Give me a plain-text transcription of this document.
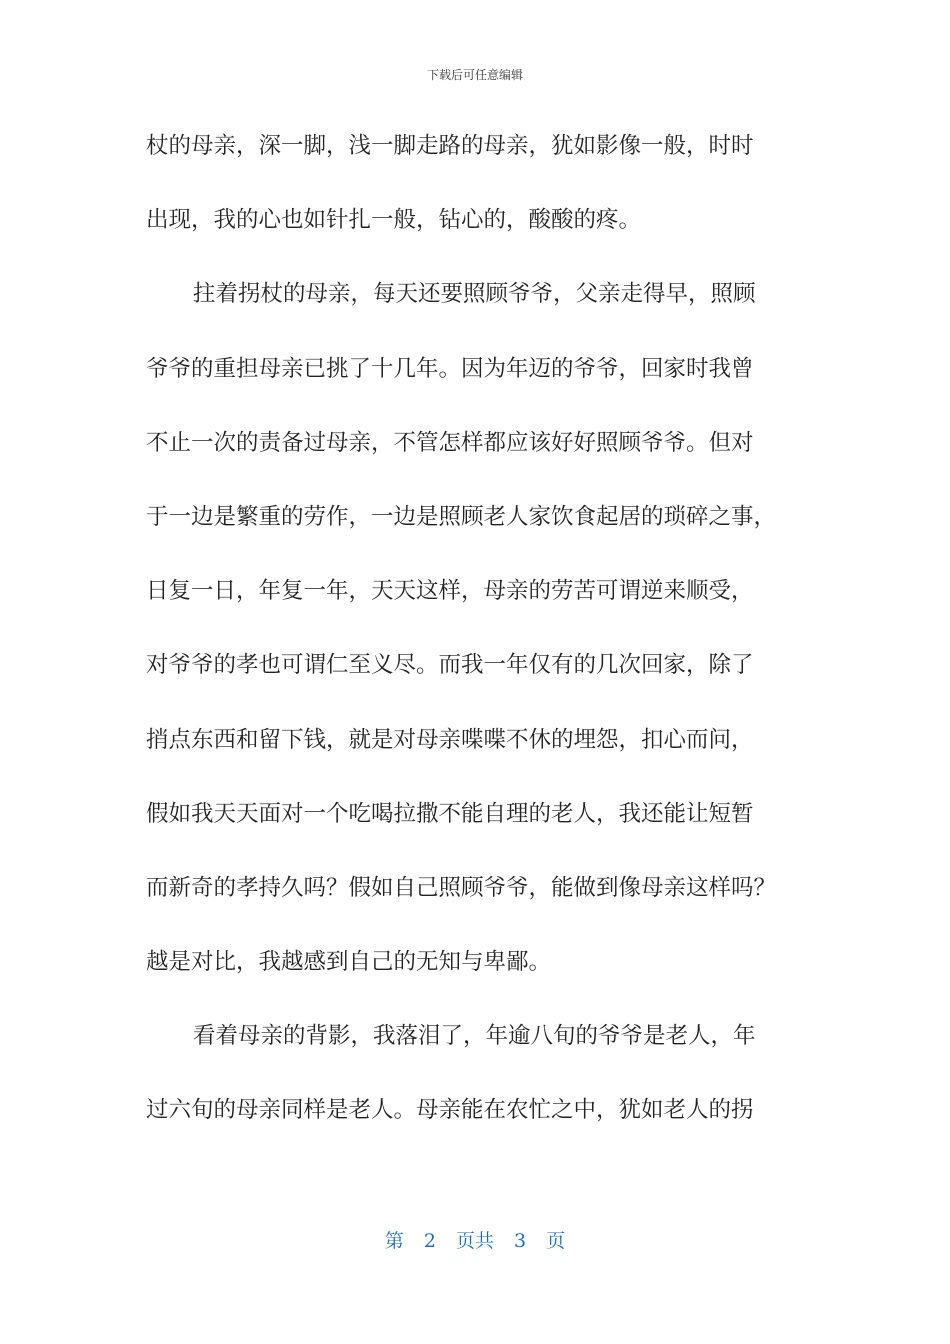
下载后可任意编辑
杖的母亲，深一脚，浅一脚走路的母亲，犹如影像一般，时时
出现，我的心也如针扎一般，钻心的，酸酸的疼。
拄着拐杖的母亲，每天还要照顾爷爷，父亲走得早，照顾
爷爷的重担母亲已挑了十几年。因为年迈的爷爷，回家时我曾
不止一次的责备过母亲，不管怎样都应该好好照顾爷爷。但对
于一边是繁重的劳作，一边是照顾老人家饮食起居的琐碎之事，
日复一日，年复一年，天天这样，母亲的劳苦可谓逆来顺受，
对爷爷的孝也可谓仁至义尽。而我一年仅有的几次回家，除了
捎点东西和留下钱，就是对母亲喋喋不休的埋怨，扣心而问，
假如我天天面对一个吃喝拉撒不能自理的老人，我还能让短暂
而新奇的孝持久吗？假如自己照顾爷爷，能做到像母亲这样吗？
越是对比，我越感到自己的无知与卑鄙。
看着母亲的背影，我落泪了，年逾八旬的爷爷是老人，年
过六旬的母亲同样是老人。母亲能在农忙之中，犹如老人的拐
第 2 页共 3 页
